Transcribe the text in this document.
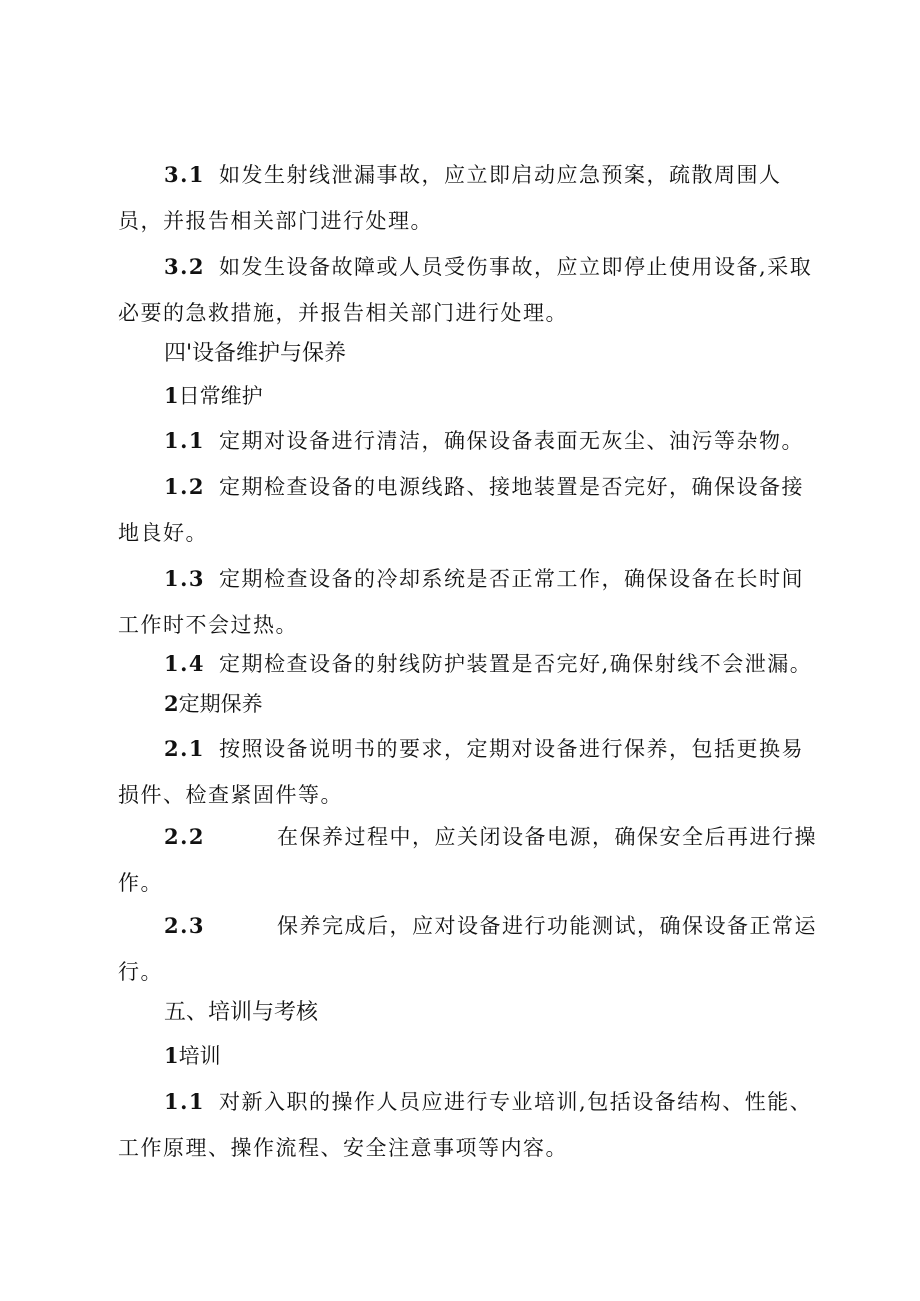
3.1 如发生射线泄漏事故，应立即启动应急预案，疏散周围人员，并报告相关部门进行处理。

3.2 如发生设备故障或人员受伤事故，应立即停止使用设备,采取必要的急救措施，并报告相关部门进行处理。

四'设备维护与保养

1日常维护

1.1 定期对设备进行清洁，确保设备表面无灰尘、油污等杂物。

1.2 定期检查设备的电源线路、接地装置是否完好，确保设备接地良好。

1.3 定期检查设备的冷却系统是否正常工作，确保设备在长时间工作时不会过热。

1.4 定期检查设备的射线防护装置是否完好,确保射线不会泄漏。

2定期保养

2.1 按照设备说明书的要求，定期对设备进行保养，包括更换易损件、检查紧固件等。

2.2	在保养过程中，应关闭设备电源，确保安全后再进行操作。

2.3	保养完成后，应对设备进行功能测试，确保设备正常运行。

五、培训与考核

1培训

1.1 对新入职的操作人员应进行专业培训,包括设备结构、性能、工作原理、操作流程、安全注意事项等内容。
